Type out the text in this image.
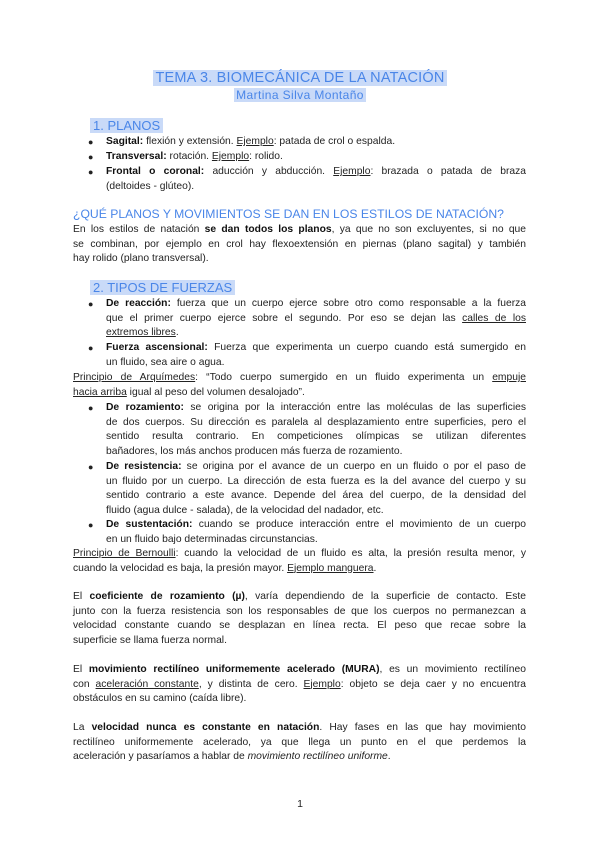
TEMA 3. BIOMECÁNICA DE LA NATACIÓN
Martina Silva Montaño
1. PLANOS
● Sagital: flexión y extensión. Ejemplo: patada de crol o espalda.
● Transversal: rotación. Ejemplo: rolido.
● Frontal o coronal: aducción y abducción. Ejemplo: brazada o patada de braza
(deltoides - glúteo).
¿QUÉ PLANOS Y MOVIMIENTOS SE DAN EN LOS ESTILOS DE NATACIÓN?
En los estilos de natación se dan todos los planos, ya que no son excluyentes, si no que
se combinan, por ejemplo en crol hay flexoextensión en piernas (plano sagital) y también
hay rolido (plano transversal).
2. TIPOS DE FUERZAS
● De reacción: fuerza que un cuerpo ejerce sobre otro como responsable a la fuerza
que el primer cuerpo ejerce sobre el segundo. Por eso se dejan las calles de los
extremos libres.
● Fuerza ascensional: Fuerza que experimenta un cuerpo cuando está sumergido en
un fluido, sea aire o agua.
Principio de Arquímedes: “Todo cuerpo sumergido en un fluido experimenta un empuje
hacia arriba igual al peso del volumen desalojado”.
● De rozamiento: se origina por la interacción entre las moléculas de las superficies
de dos cuerpos. Su dirección es paralela al desplazamiento entre superficies, pero el
sentido resulta contrario. En competiciones olímpicas se utilizan diferentes
bañadores, los más anchos producen más fuerza de rozamiento.
● De resistencia: se origina por el avance de un cuerpo en un fluido o por el paso de
un fluido por un cuerpo. La dirección de esta fuerza es la del avance del cuerpo y su
sentido contrario a este avance. Depende del área del cuerpo, de la densidad del
fluido (agua dulce - salada), de la velocidad del nadador, etc.
● De sustentación: cuando se produce interacción entre el movimiento de un cuerpo
en un fluido bajo determinadas circunstancias.
Principio de Bernoulli: cuando la velocidad de un fluido es alta, la presión resulta menor, y
cuando la velocidad es baja, la presión mayor. Ejemplo manguera.
El coeficiente de rozamiento (µ), varía dependiendo de la superficie de contacto. Este
junto con la fuerza resistencia son los responsables de que los cuerpos no permanezcan a
velocidad constante cuando se desplazan en línea recta. El peso que recae sobre la
superficie se llama fuerza normal.
El movimiento rectilíneo uniformemente acelerado (MURA), es un movimiento rectilíneo
con aceleración constante, y distinta de cero. Ejemplo: objeto se deja caer y no encuentra
obstáculos en su camino (caída libre).
La velocidad nunca es constante en natación. Hay fases en las que hay movimiento
rectilíneo uniformemente acelerado, ya que llega un punto en el que perdemos la
aceleración y pasaríamos a hablar de movimiento rectilíneo uniforme.
1
